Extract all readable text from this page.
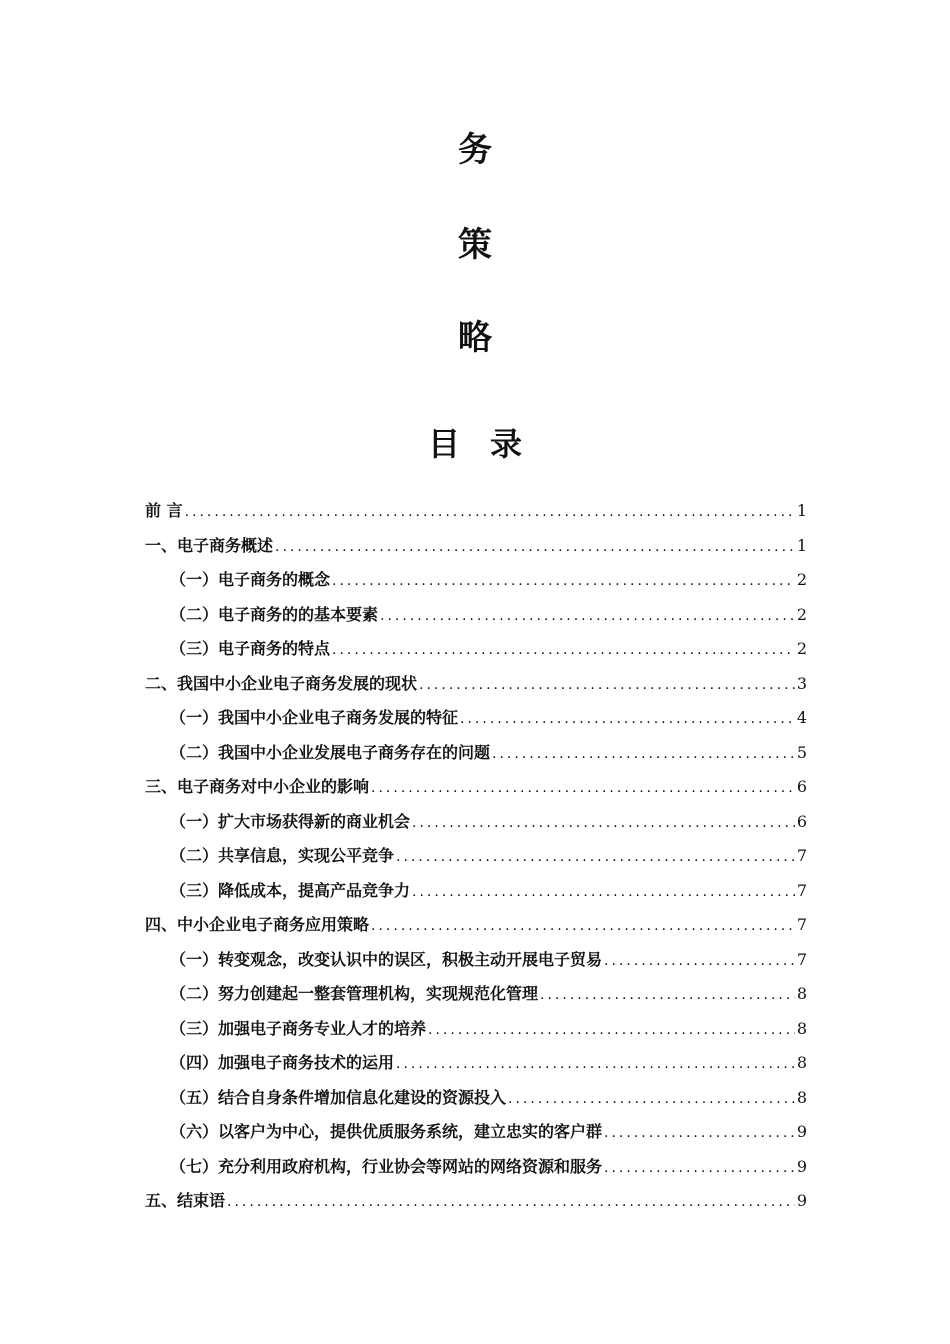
务
策
略
目录
前 言 .....	1
一、电子商务概述 .....	1
（一）电子商务的概念 .....	2
（二）电子商务的的基本要素 .....	2
（三）电子商务的特点 .....	2
二、我国中小企业电子商务发展的现状 .....	3
（一）我国中小企业电子商务发展的特征 .....	4
（二）我国中小企业发展电子商务存在的问题 .....	5
三、电子商务对中小企业的影响 .....	6
（一）扩大市场获得新的商业机会 .....	6
（二）共享信息，实现公平竞争 .....	7
（三）降低成本，提高产品竞争力 .....	7
四、中小企业电子商务应用策略 .....	7
（一）转变观念，改变认识中的误区，积极主动开展电子贸易 .....	7
（二）努力创建起一整套管理机构，实现规范化管理 .....	8
（三）加强电子商务专业人才的培养 .....	8
（四）加强电子商务技术的运用 .....	8
（五）结合自身条件增加信息化建设的资源投入 .....	8
（六）以客户为中心，提供优质服务系统，建立忠实的客户群 .....	9
（七）充分利用政府机构，行业协会等网站的网络资源和服务 .....	9
五、结束语 .....	9
